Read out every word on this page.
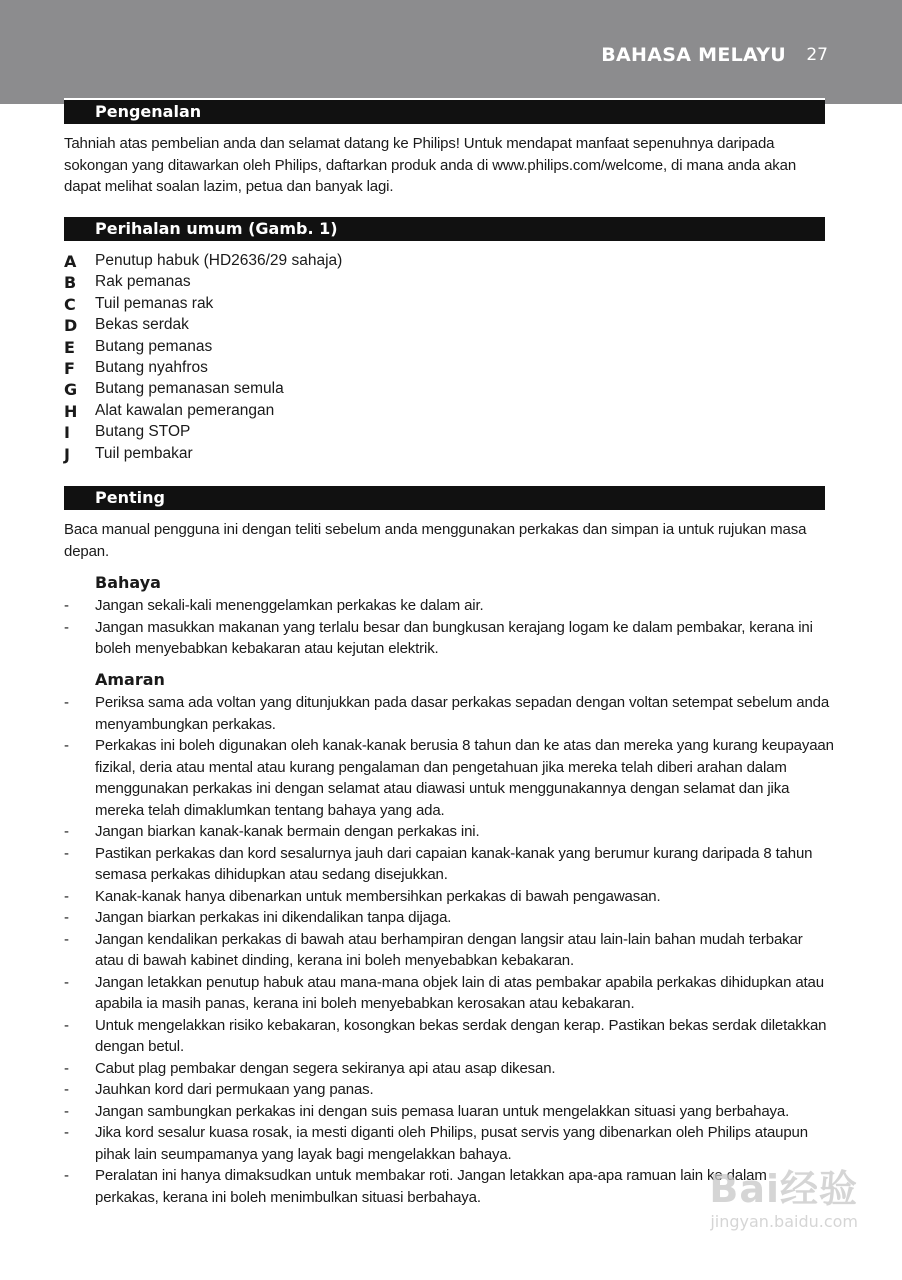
BAHASA MELAYU 27
Pengenalan
Tahniah atas pembelian anda dan selamat datang ke Philips! Untuk mendapat manfaat sepenuhnya daripada sokongan yang ditawarkan oleh Philips, daftarkan produk anda di www.philips.com/welcome, di mana anda akan dapat melihat soalan lazim, petua dan banyak lagi.
Perihalan umum (Gamb. 1)
A Penutup habuk (HD2636/29 sahaja)
B Rak pemanas
C Tuil pemanas rak
D Bekas serdak
E Butang pemanas
F Butang nyahfros
G Butang pemanasan semula
H Alat kawalan pemerangan
I Butang STOP
J Tuil pembakar
Penting
Baca manual pengguna ini dengan teliti sebelum anda menggunakan perkakas dan simpan ia untuk rujukan masa depan.
Bahaya
- Jangan sekali-kali menenggelamkan perkakas ke dalam air.
- Jangan masukkan makanan yang terlalu besar dan bungkusan kerajang logam ke dalam pembakar, kerana ini boleh menyebabkan kebakaran atau kejutan elektrik.
Amaran
- Periksa sama ada voltan yang ditunjukkan pada dasar perkakas sepadan dengan voltan setempat sebelum anda menyambungkan perkakas.
- Perkakas ini boleh digunakan oleh kanak-kanak berusia 8 tahun dan ke atas dan mereka yang kurang keupayaan fizikal, deria atau mental atau kurang pengalaman dan pengetahuan jika mereka telah diberi arahan dalam menggunakan perkakas ini dengan selamat atau diawasi untuk menggunakannya dengan selamat dan jika mereka telah dimaklumkan tentang bahaya yang ada.
- Jangan biarkan kanak-kanak bermain dengan perkakas ini.
- Pastikan perkakas dan kord sesalurnya jauh dari capaian kanak-kanak yang berumur kurang daripada 8 tahun semasa perkakas dihidupkan atau sedang disejukkan.
- Kanak-kanak hanya dibenarkan untuk membersihkan perkakas di bawah pengawasan.
- Jangan biarkan perkakas ini dikendalikan tanpa dijaga.
- Jangan kendalikan perkakas di bawah atau berhampiran dengan langsir atau lain-lain bahan mudah terbakar atau di bawah kabinet dinding, kerana ini boleh menyebabkan kebakaran.
- Jangan letakkan penutup habuk atau mana-mana objek lain di atas pembakar apabila perkakas dihidupkan atau apabila ia masih panas, kerana ini boleh menyebabkan kerosakan atau kebakaran.
- Untuk mengelakkan risiko kebakaran, kosongkan bekas serdak dengan kerap. Pastikan bekas serdak diletakkan dengan betul.
- Cabut plag pembakar dengan segera sekiranya api atau asap dikesan.
- Jauhkan kord dari permukaan yang panas.
- Jangan sambungkan perkakas ini dengan suis pemasa luaran untuk mengelakkan situasi yang berbahaya.
- Jika kord sesalur kuasa rosak, ia mesti diganti oleh Philips, pusat servis yang dibenarkan oleh Philips ataupun pihak lain seumpamanya yang layak bagi mengelakkan bahaya.
- Peralatan ini hanya dimaksudkan untuk membakar roti. Jangan letakkan apa-apa ramuan lain ke dalam perkakas, kerana ini boleh menimbulkan situasi berbahaya.	Bai经验
jingyan.baidu.com
